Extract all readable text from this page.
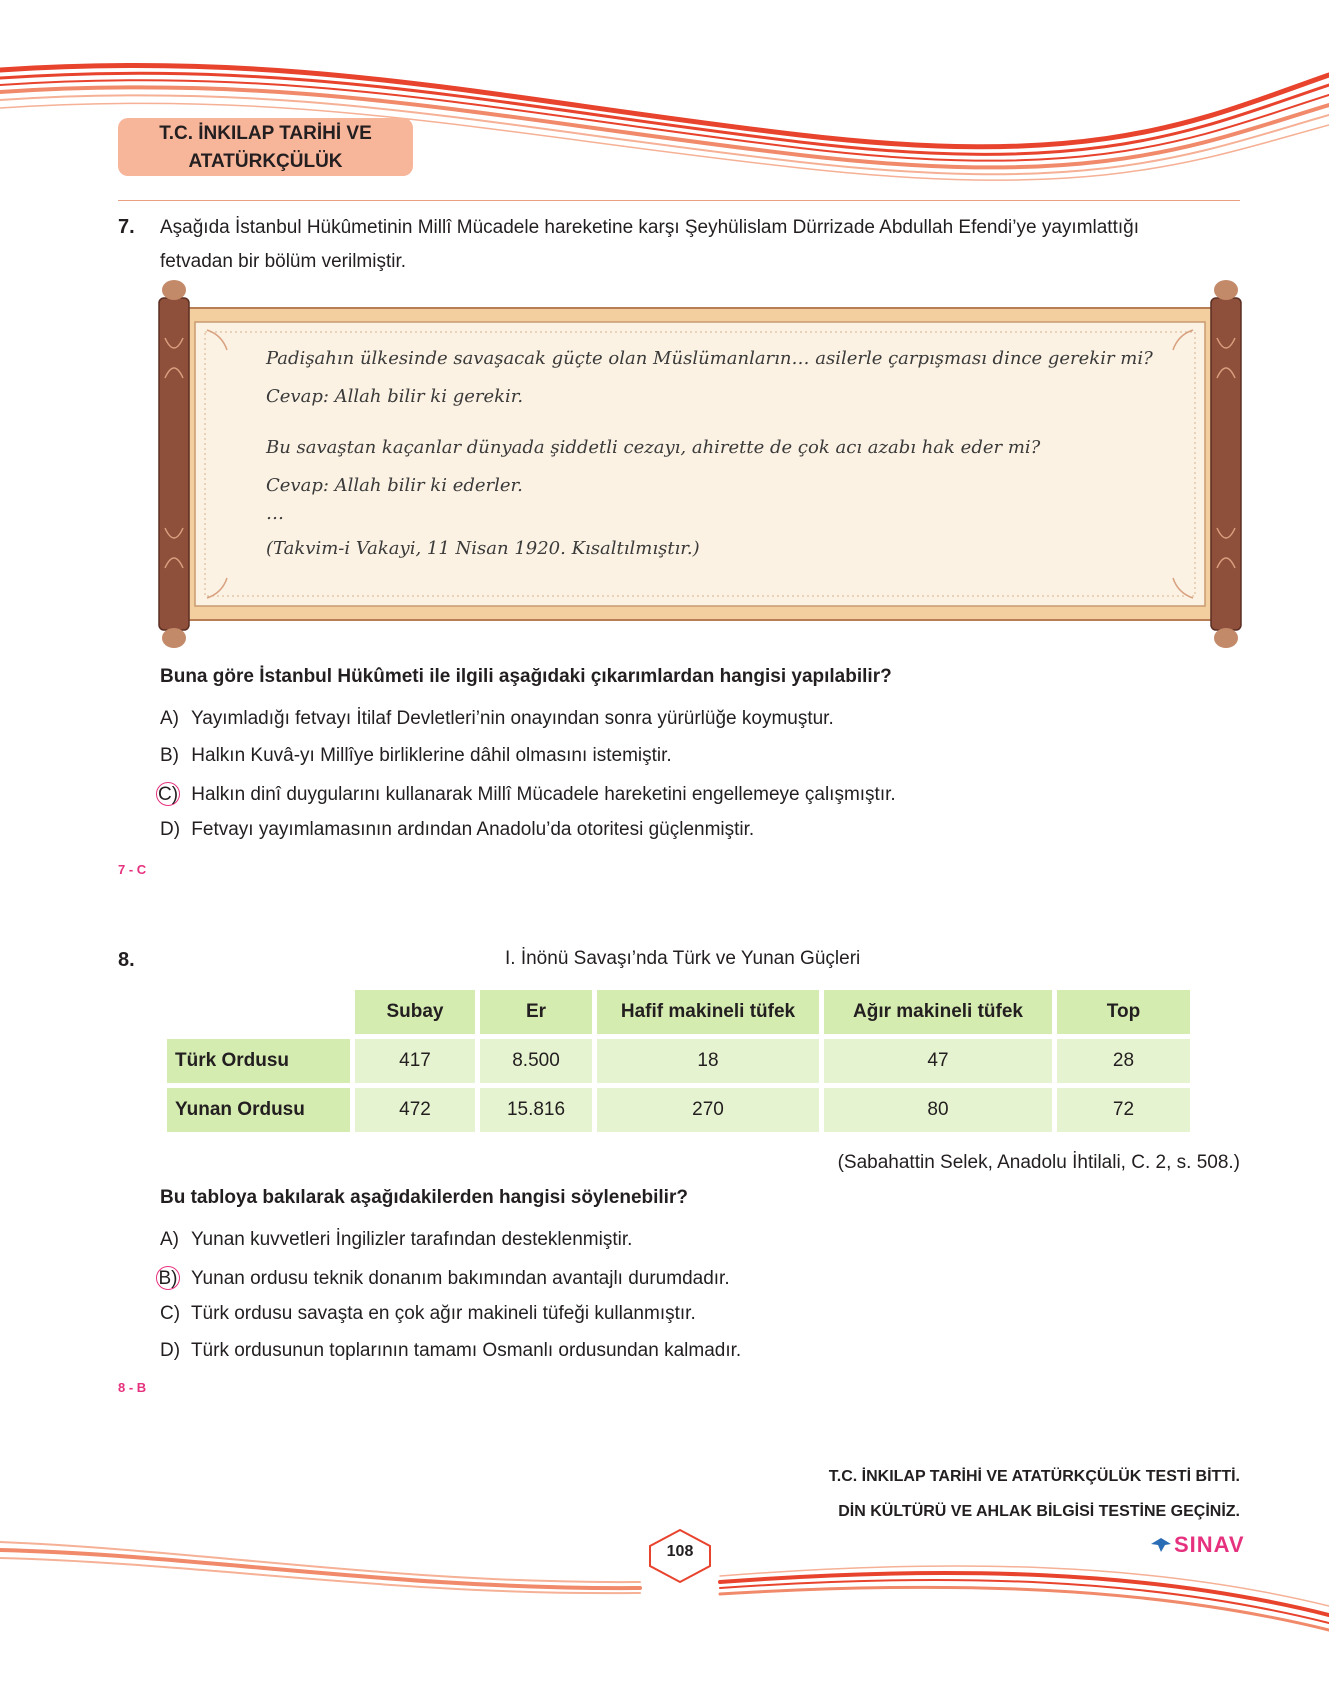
T.C. İNKILAP TARİHİ VE
ATATÜRKÇÜLÜK
7. Aşağıda İstanbul Hükûmetinin Millî Mücadele hareketine karşı Şeyhülislam Dürrizade Abdullah Efendi’ye yayımlattığı
fetvadan bir bölüm verilmiştir.
Padişahın ülkesinde savaşacak güçte olan Müslümanların… asilerle çarpışması dince gerekir mi?
Cevap: Allah bilir ki gerekir.
Bu savaştan kaçanlar dünyada şiddetli cezayı, ahirette de çok acı azabı hak eder mi?
Cevap: Allah bilir ki ederler.
…
(Takvim-i Vakayi, 11 Nisan 1920. Kısaltılmıştır.)
Buna göre İstanbul Hükûmeti ile ilgili aşağıdaki çıkarımlardan hangisi yapılabilir?
A) Yayımladığı fetvayı İtilaf Devletleri’nin onayından sonra yürürlüğe koymuştur.
B) Halkın Kuvâ-yı Millîye birliklerine dâhil olmasını istemiştir.
C) Halkın dinî duygularını kullanarak Millî Mücadele hareketini engellemeye çalışmıştır.
D) Fetvayı yayımlamasının ardından Anadolu’da otoritesi güçlenmiştir.
7 - C
8.	I. İnönü Savaşı’nda Türk ve Yunan Güçleri
	Subay	Er	Hafif makineli tüfek	Ağır makineli tüfek	Top
Türk Ordusu	417	8.500	18	47	28
Yunan Ordusu	472	15.816	270	80	72
(Sabahattin Selek, Anadolu İhtilali, C. 2, s. 508.)
Bu tabloya bakılarak aşağıdakilerden hangisi söylenebilir?
A) Yunan kuvvetleri İngilizler tarafından desteklenmiştir.
B) Yunan ordusu teknik donanım bakımından avantajlı durumdadır.
C) Türk ordusu savaşta en çok ağır makineli tüfeği kullanmıştır.
D) Türk ordusunun toplarının tamamı Osmanlı ordusundan kalmadır.
8 - B
T.C. İNKILAP TARİHİ VE ATATÜRKÇÜLÜK TESTİ BİTTİ.
DİN KÜLTÜRÜ VE AHLAK BİLGİSİ TESTİNE GEÇİNİZ.
SINAV
108
